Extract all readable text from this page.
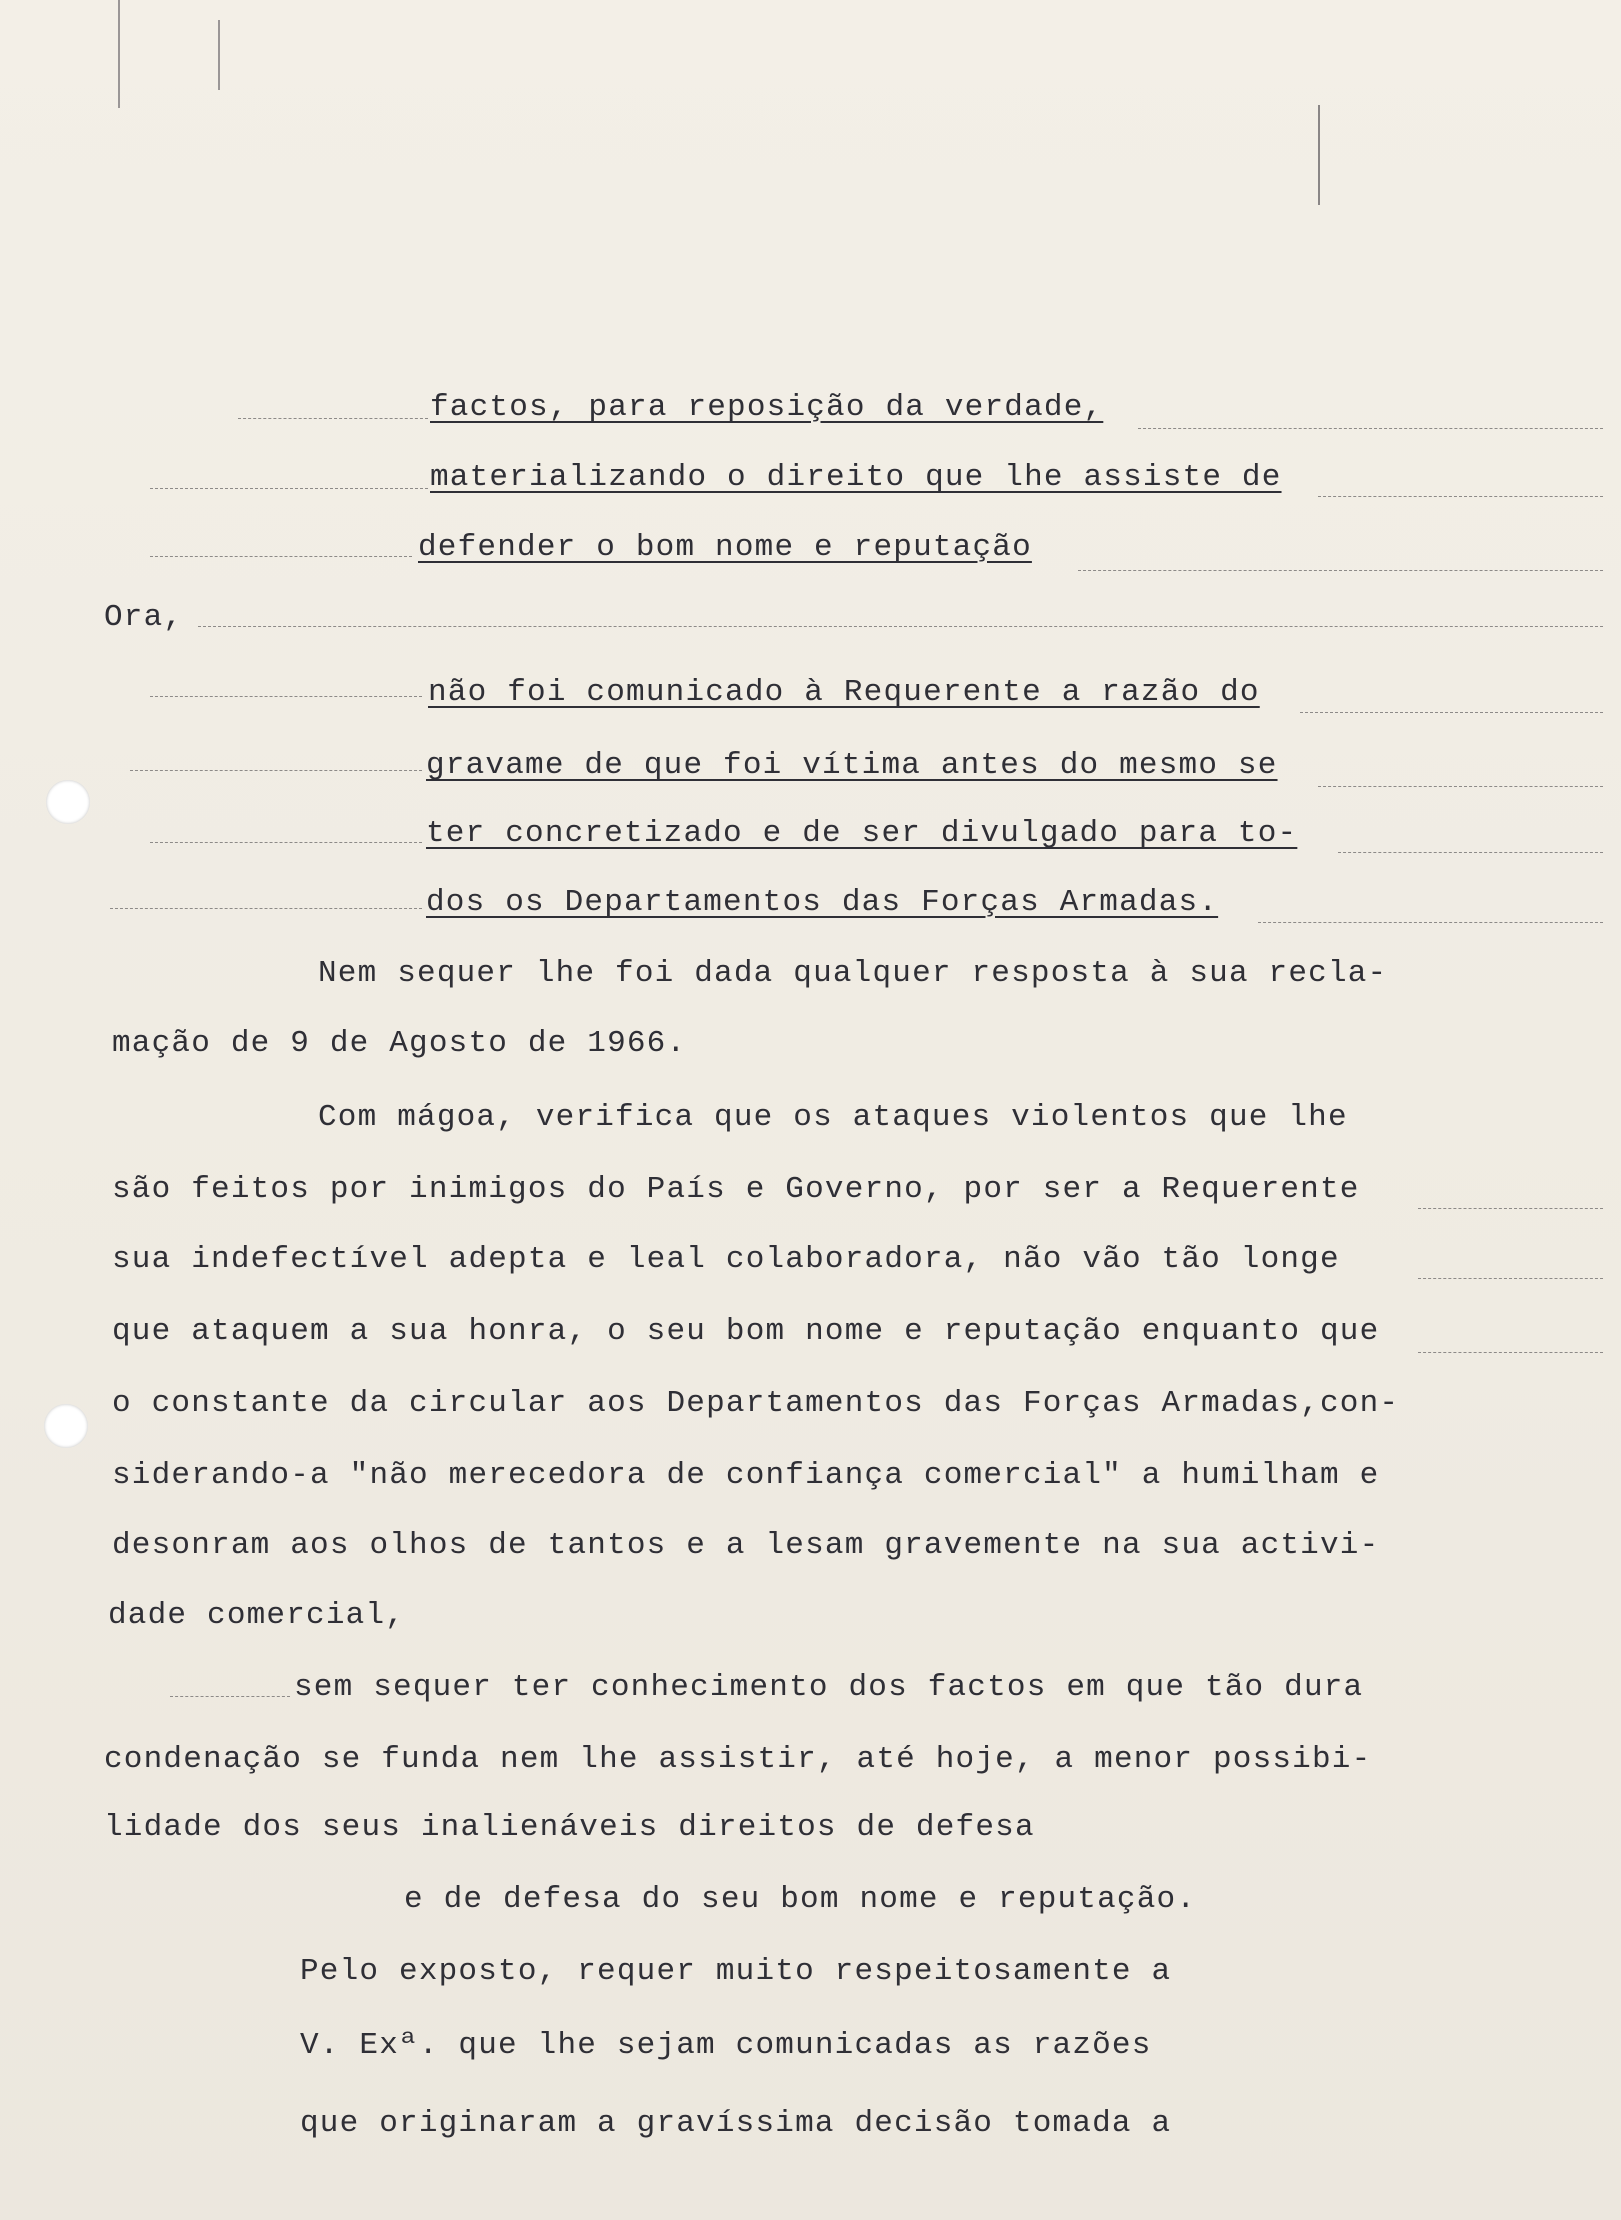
factos, para reposição da verdade,
materializando o direito que lhe assiste de
defender o bom nome e reputação
Ora,
não foi comunicado à Requerente a razão do
gravame de que foi vítima antes do mesmo se
ter concretizado e de ser divulgado para to-
dos os Departamentos das Forças Armadas.
Nem sequer lhe foi dada qualquer resposta à sua recla-
mação de 9 de Agosto de 1966.
Com mágoa, verifica que os ataques violentos que lhe
são feitos por inimigos do País e Governo, por ser a Requerente
sua indefectível adepta e leal colaboradora, não vão tão longe
que ataquem a sua honra, o seu bom nome e reputação enquanto que
o constante da circular aos Departamentos das Forças Armadas,con-
siderando-a "não merecedora de confiança comercial" a humilham e
desonram aos olhos de tantos e a lesam gravemente na sua activi-
dade comercial,
sem sequer ter conhecimento dos factos em que tão dura
condenação se funda nem lhe assistir, até hoje, a menor possibi-
lidade dos seus inalienáveis direitos de defesa
e de defesa do seu bom nome e reputação.
Pelo exposto, requer muito respeitosamente a
V. Exª. que lhe sejam comunicadas as razões
que originaram a gravíssima decisão tomada a
